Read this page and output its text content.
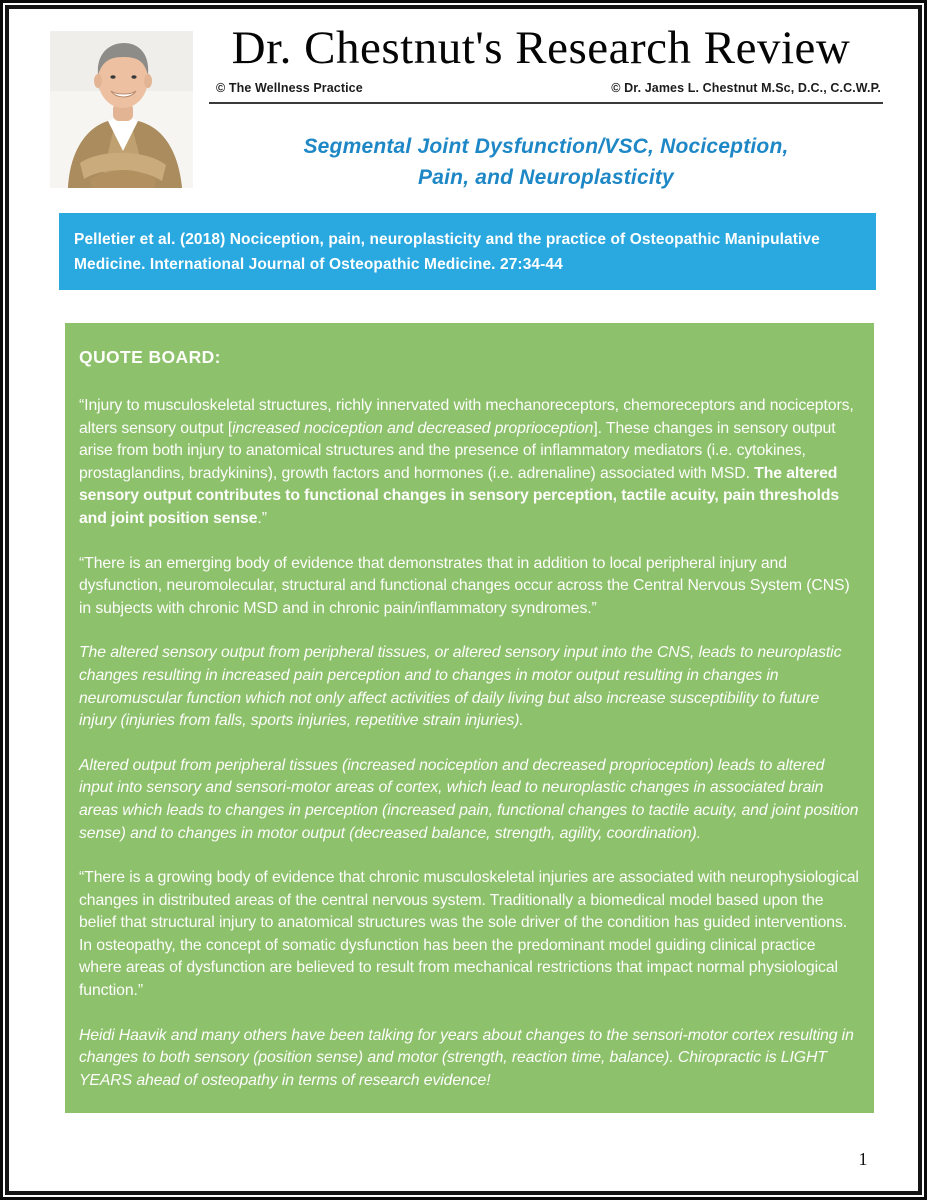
Dr. Chestnut's Research Review
© The Wellness Practice	© Dr. James L. Chestnut M.Sc, D.C., C.C.W.P.
Segmental Joint Dysfunction/VSC, Nociception,
Pain, and Neuroplasticity

Pelletier et al. (2018) Nociception, pain, neuroplasticity and the practice of Osteopathic Manipulative Medicine. International Journal of Osteopathic Medicine. 27:34-44

QUOTE BOARD:

“Injury to musculoskeletal structures, richly innervated with mechanoreceptors, chemoreceptors and nociceptors, alters sensory output [increased nociception and decreased proprioception]. These changes in sensory output arise from both injury to anatomical structures and the presence of inflammatory mediators (i.e. cytokines, prostaglandins, bradykinins), growth factors and hormones (i.e. adrenaline) associated with MSD. The altered sensory output contributes to functional changes in sensory perception, tactile acuity, pain thresholds and joint position sense.”

“There is an emerging body of evidence that demonstrates that in addition to local peripheral injury and dysfunction, neuromolecular, structural and functional changes occur across the Central Nervous System (CNS) in subjects with chronic MSD and in chronic pain/inflammatory syndromes.”

The altered sensory output from peripheral tissues, or altered sensory input into the CNS, leads to neuroplastic changes resulting in increased pain perception and to changes in motor output resulting in changes in neuromuscular function which not only affect activities of daily living but also increase susceptibility to future injury (injuries from falls, sports injuries, repetitive strain injuries).

Altered output from peripheral tissues (increased nociception and decreased proprioception) leads to altered input into sensory and sensori-motor areas of cortex, which lead to neuroplastic changes in associated brain areas which leads to changes in perception (increased pain, functional changes to tactile acuity, and joint position sense) and to changes in motor output (decreased balance, strength, agility, coordination).

“There is a growing body of evidence that chronic musculoskeletal injuries are associated with neurophysiological changes in distributed areas of the central nervous system. Traditionally a biomedical model based upon the belief that structural injury to anatomical structures was the sole driver of the condition has guided interventions. In osteopathy, the concept of somatic dysfunction has been the predominant model guiding clinical practice where areas of dysfunction are believed to result from mechanical restrictions that impact normal physiological function.”

Heidi Haavik and many others have been talking for years about changes to the sensori-motor cortex resulting in changes to both sensory (position sense) and motor (strength, reaction time, balance). Chiropractic is LIGHT YEARS ahead of osteopathy in terms of research evidence!

1
